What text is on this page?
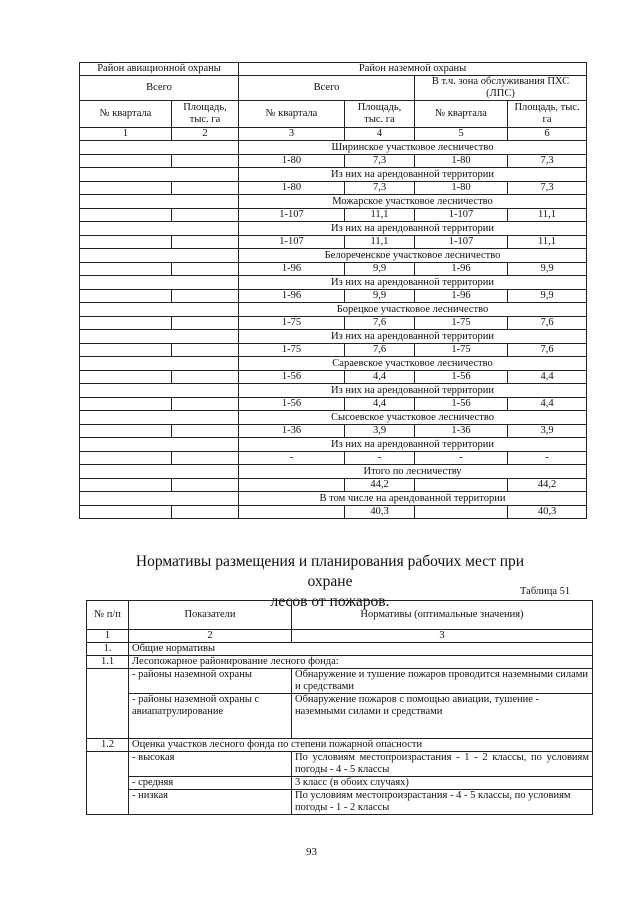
Район авиационной охраны		Район наземной охраны			
Всего		Всего		В т.ч. зона обслуживания ПХС (ЛПС)	
№ квартала	Площадь, тыс. га	№ квартала	Площадь, тыс. га	№ квартала	Площадь, тыс. га
1	2	3	4	5	6
		Ширинское участковое лесничество			
		1-80	7,3	1-80	7,3
		Из них на арендованной территории			
		1-80	7,3	1-80	7,3
		Можарское участковое лесничество			
		1-107	11,1	1-107	11,1
		Из них на арендованной территории			
		1-107	11,1	1-107	11,1
		Белореченское участковое лесничество			
		1-96	9,9	1-96	9,9
		Из них на арендованной территории			
		1-96	9,9	1-96	9,9
		Борецкое участковое лесничество			
		1-75	7,6	1-75	7,6
		Из них на арендованной территории			
		1-75	7,6	1-75	7,6
		Сараевское участковое лесничество			
		1-56	4,4	1-56	4,4
		Из них на арендованной территории			
		1-56	4,4	1-56	4,4
		Сысоевское участковое лесничество			
		1-36	3,9	1-36	3,9
		Из них на арендованной территории			
		-	-	-	-
		Итого по лесничеству			
			44,2		44,2
		В том числе на арендованной территории			
			40,3		40,3
Нормативы размещения и планирования рабочих мест при охране
лесов от пожаров.
Таблица 51
№ п/п	Показатели	Нормативы (оптимальные значения)
1	2	3
1.	Общие нормативы	
1.1	Лесопожарное районирование лесного фонда:	
	- районы наземной охраны	Обнаружение и тушение пожаров проводится наземными силами и средствами
	- районы наземной охраны с авиапатрулирование	Обнаружение пожаров с помощью авиации, тушение - наземными силами и средствами
1.2	Оценка участков лесного фонда по степени пожарной опасности	
	- высокая	По условиям местопроизрастания - 1 - 2 классы, по условиям погоды - 4 - 5 классы
	- средняя	3 класс (в обоих случаях)
	- низкая	По условиям местопроизрастания - 4 - 5 классы, по условиям погоды - 1 - 2 классы
93
